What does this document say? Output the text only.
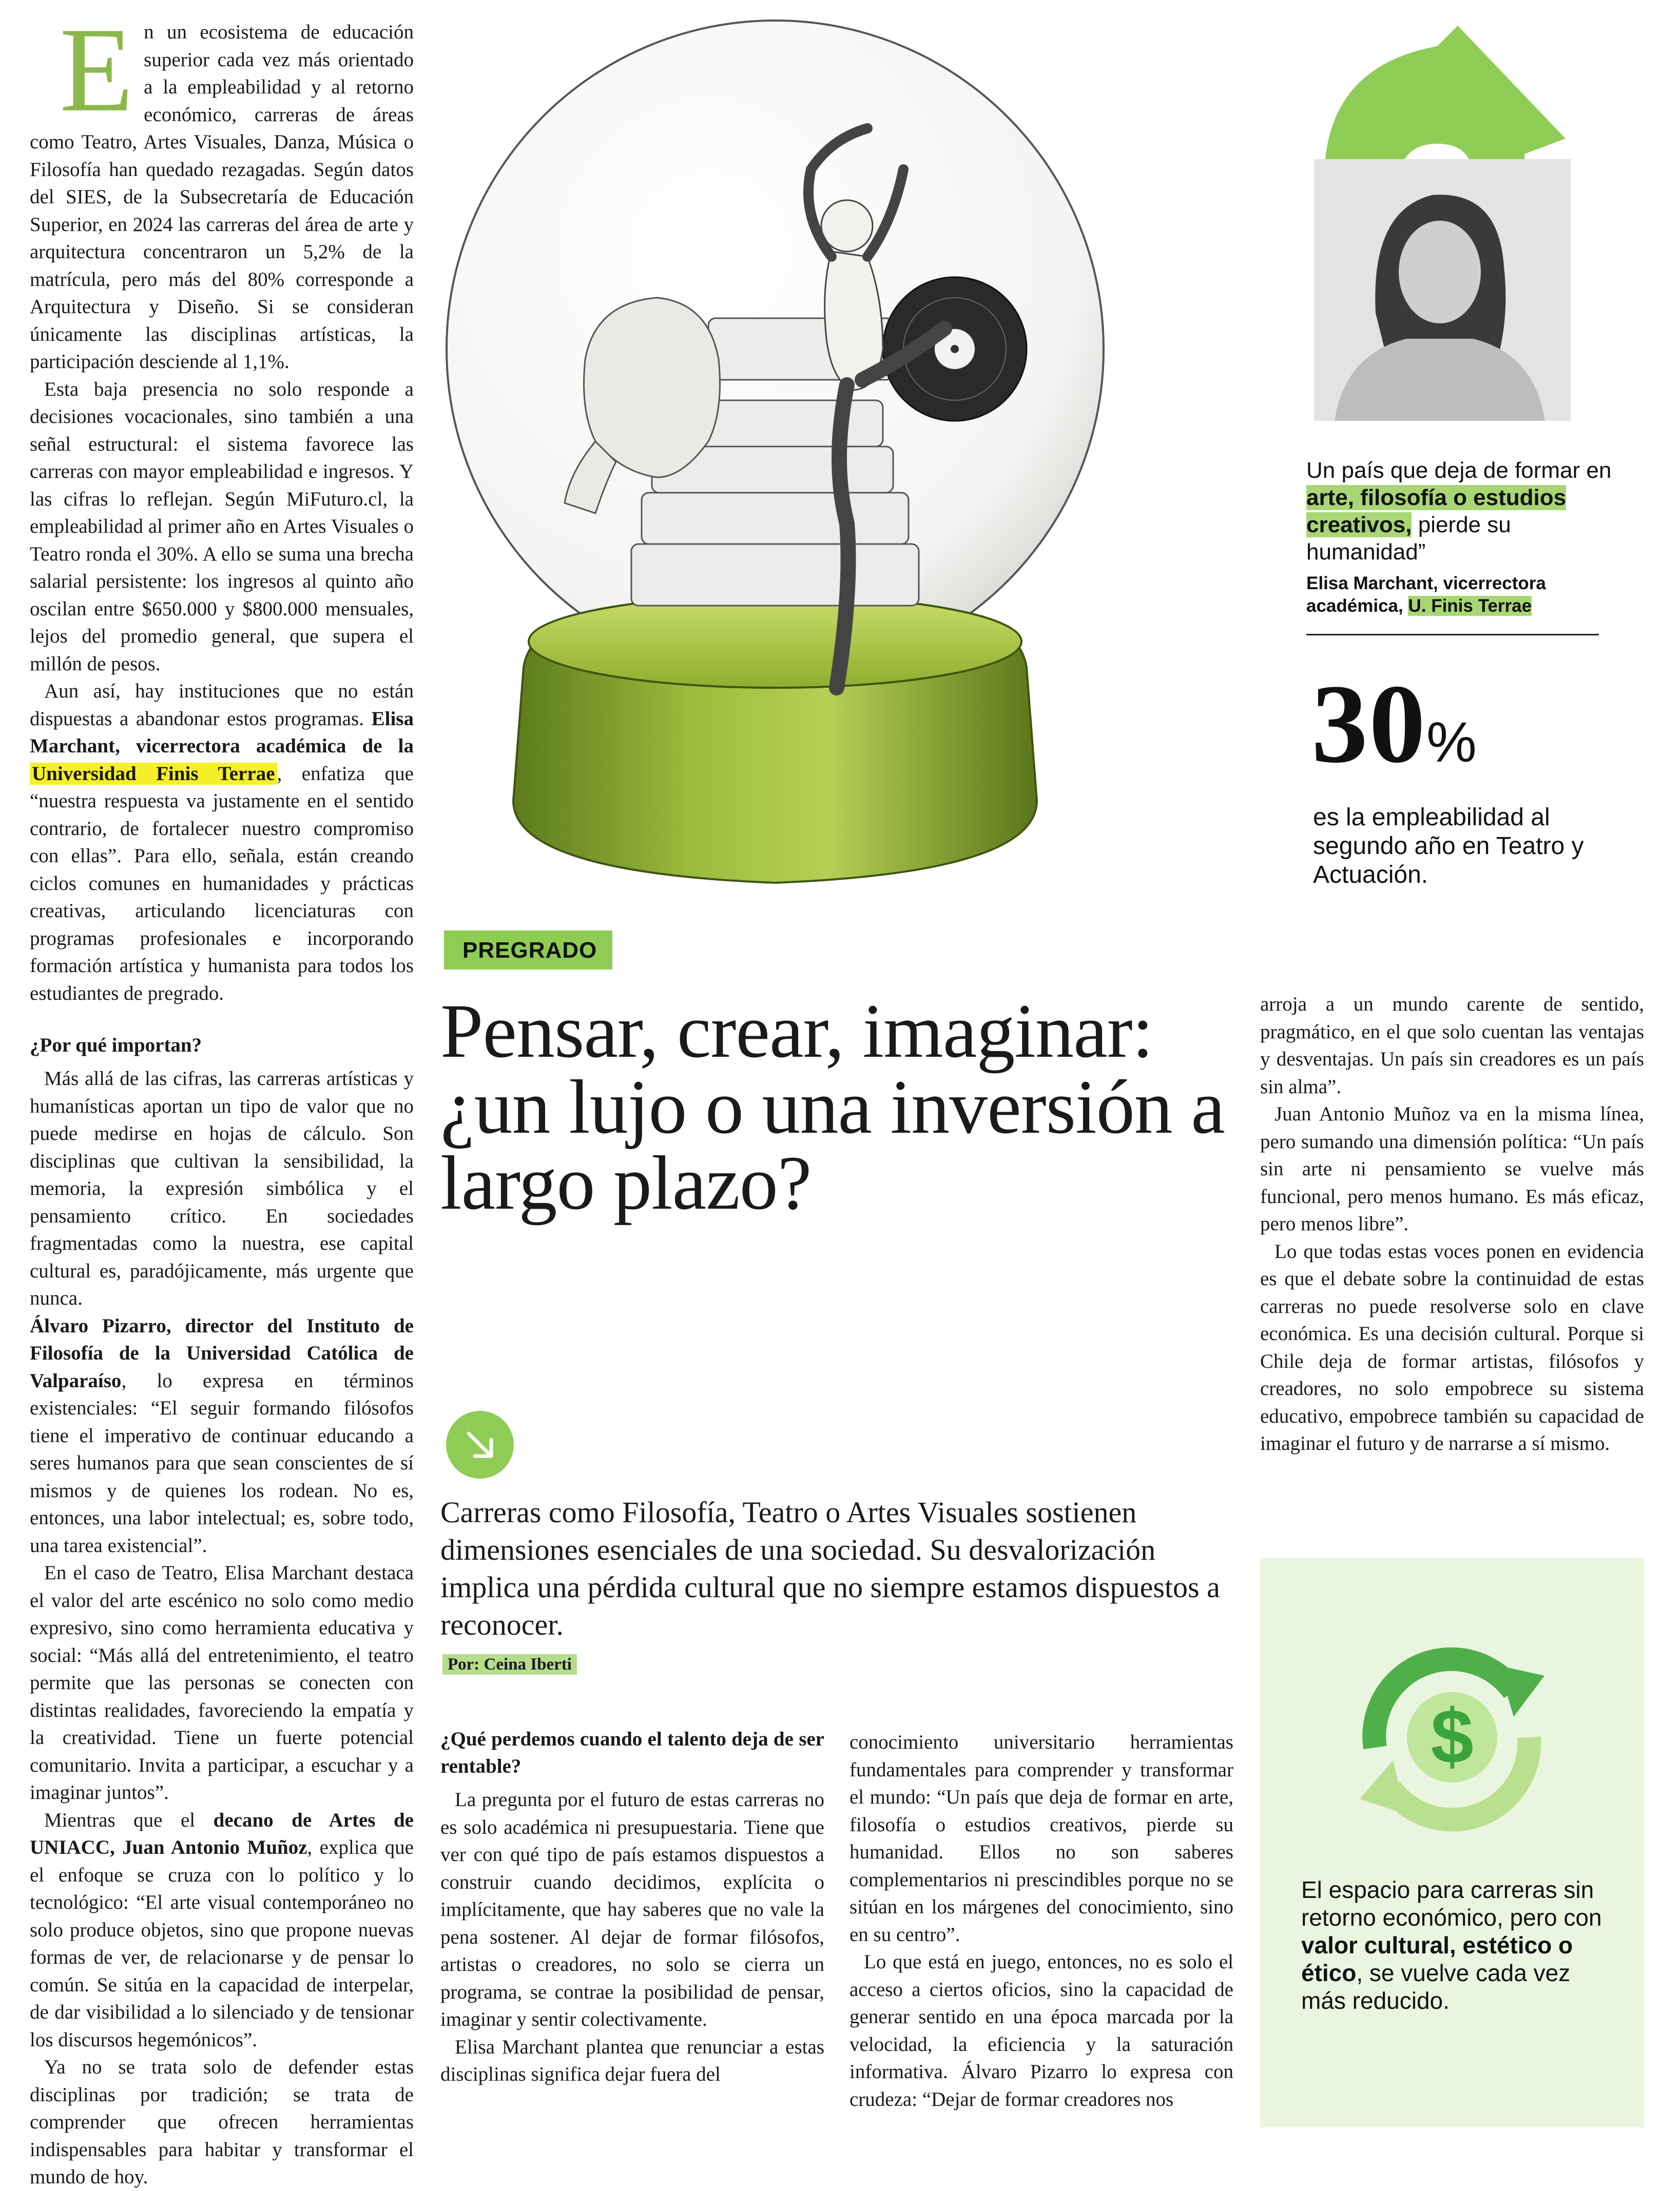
E n un ecosistema de educación superior cada vez más orientado a la empleabilidad y al retorno económico, carreras de áreas como Teatro, Artes Visuales, Danza, Música o Filosofía han quedado rezagadas. Según datos del SIES, de la Subsecretaría de Educación Superior, en 2024 las carreras del área de arte y arquitectura concentraron un 5,2% de la matrícula, pero más del 80% corresponde a Arquitectura y Diseño. Si se consideran únicamente las disciplinas artísticas, la participación desciende al 1,1%.

Esta baja presencia no solo responde a decisiones vocacionales, sino también a una señal estructural: el sistema favorece las carreras con mayor empleabilidad e ingresos. Y las cifras lo reflejan. Según MiFuturo.cl, la empleabilidad al primer año en Artes Visuales o Teatro ronda el 30%. A ello se suma una brecha salarial persistente: los ingresos al quinto año oscilan entre $650.000 y $800.000 mensuales, lejos del promedio general, que supera el millón de pesos.

Aun así, hay instituciones que no están dispuestas a abandonar estos programas. Elisa Marchant, vicerrectora académica de la Universidad Finis Terrae , enfatiza que “nuestra respuesta va justamente en el sentido contrario, de fortalecer nuestro compromiso con ellas”. Para ello, señala, están creando ciclos comunes en humanidades y prácticas creativas, articulando licenciaturas con programas profesionales e incorporando formación artística y humanista para todos los estudiantes de pregrado.

¿Por qué importan?

Más allá de las cifras, las carreras artísticas y humanísticas aportan un tipo de valor que no puede medirse en hojas de cálculo. Son disciplinas que cultivan la sensibilidad, la memoria, la expresión simbólica y el pensamiento crítico. En sociedades fragmentadas como la nuestra, ese capital cultural es, paradójicamente, más urgente que nunca.

Álvaro Pizarro, director del Instituto de Filosofía de la Universidad Católica de Valparaíso, lo expresa en términos existenciales: “El seguir formando filósofos tiene el imperativo de continuar educando a seres humanos para que sean conscientes de sí mismos y de quienes los rodean. No es, entonces, una labor intelectual; es, sobre todo, una tarea existencial”.

En el caso de Teatro, Elisa Marchant destaca el valor del arte escénico no solo como medio expresivo, sino como herramienta educativa y social: “Más allá del entretenimiento, el teatro permite que las personas se conecten con distintas realidades, favoreciendo la empatía y la creatividad. Tiene un fuerte potencial comunitario. Invita a participar, a escuchar y a imaginar juntos”.

Mientras que el decano de Artes de UNIACC, Juan Antonio Muñoz, explica que el enfoque se cruza con lo político y lo tecnológico: “El arte visual contemporáneo no solo produce objetos, sino que propone nuevas formas de ver, de relacionarse y de pensar lo común. Se sitúa en la capacidad de interpelar, de dar visibilidad a lo silenciado y de tensionar los discursos hegemónicos”.

Ya no se trata solo de defender estas disciplinas por tradición; se trata de comprender que ofrecen herramientas indispensables para habitar y transformar el mundo de hoy.

Un país que deja de formar en arte, filosofía o estudios creativos, pierde su humanidad”
Elisa Marchant, vicerrectora académica, U. Finis Terrae
30%
es la empleabilidad al segundo año en Teatro y Actuación.
PREGRADO
Pensar, crear, imaginar: ¿un lujo o una inversión a largo plazo?
Carreras como Filosofía, Teatro o Artes Visuales sostienen dimensiones esenciales de una sociedad. Su desvalorización implica una pérdida cultural que no siempre estamos dispuestos a reconocer.
Por: Ceina Iberti
¿Qué perdemos cuando el talento deja de ser rentable?

La pregunta por el futuro de estas carreras no es solo académica ni presupuestaria. Tiene que ver con qué tipo de país estamos dispuestos a construir cuando decidimos, explícita o implícitamente, que hay saberes que no vale la pena sostener. Al dejar de formar filósofos, artistas o creadores, no solo se cierra un programa, se contrae la posibilidad de pensar, imaginar y sentir colectivamente.

Elisa Marchant plantea que renunciar a estas disciplinas significa dejar fuera del

conocimiento universitario herramientas fundamentales para comprender y transformar el mundo: “Un país que deja de formar en arte, filosofía o estudios creativos, pierde su humanidad. Ellos no son saberes complementarios ni prescindibles porque no se sitúan en los márgenes del conocimiento, sino en su centro”.

Lo que está en juego, entonces, no es solo el acceso a ciertos oficios, sino la capacidad de generar sentido en una época marcada por la velocidad, la eficiencia y la saturación informativa. Álvaro Pizarro lo expresa con crudeza: “Dejar de formar creadores nos

arroja a un mundo carente de sentido, pragmático, en el que solo cuentan las ventajas y desventajas. Un país sin creadores es un país sin alma”.

Juan Antonio Muñoz va en la misma línea, pero sumando una dimensión política: “Un país sin arte ni pensamiento se vuelve más funcional, pero menos humano. Es más eficaz, pero menos libre”.

Lo que todas estas voces ponen en evidencia es que el debate sobre la continuidad de estas carreras no puede resolverse solo en clave económica. Es una decisión cultural. Porque si Chile deja de formar artistas, filósofos y creadores, no solo empobrece su sistema educativo, empobrece también su capacidad de imaginar el futuro y de narrarse a sí mismo.

$
El espacio para carreras sin retorno económico, pero con valor cultural, estético o ético, se vuelve cada vez más reducido.
